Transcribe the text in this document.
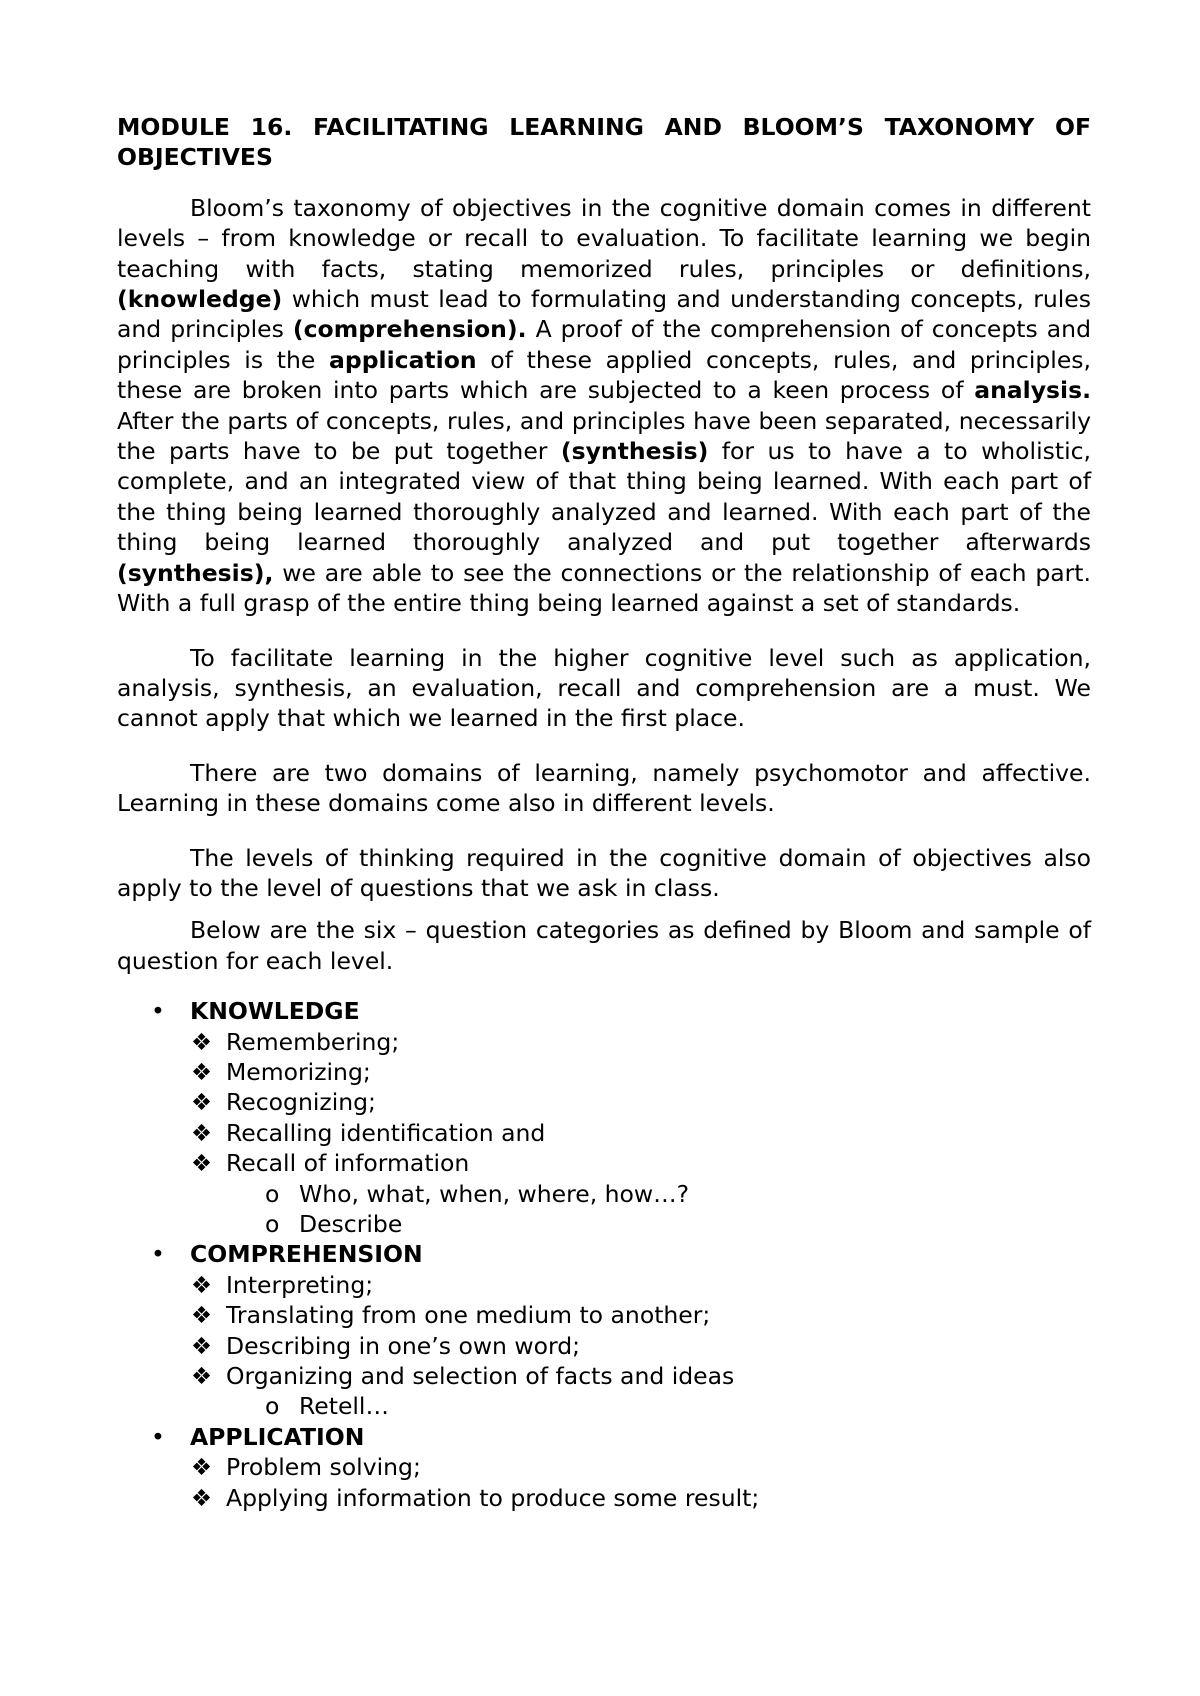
MODULE 16. FACILITATING LEARNING AND BLOOM’S TAXONOMY OF OBJECTIVES

Bloom’s taxonomy of objectives in the cognitive domain comes in different levels – from knowledge or recall to evaluation. To facilitate learning we begin teaching with facts, stating memorized rules, principles or definitions, (knowledge) which must lead to formulating and understanding concepts, rules and principles (comprehension). A proof of the comprehension of concepts and principles is the application of these applied concepts, rules, and principles, these are broken into parts which are subjected to a keen process of analysis. After the parts of concepts, rules, and principles have been separated, necessarily the parts have to be put together (synthesis) for us to have a to wholistic, complete, and an integrated view of that thing being learned. With each part of the thing being learned thoroughly analyzed and learned. With each part of the thing being learned thoroughly analyzed and put together afterwards (synthesis), we are able to see the connections or the relationship of each part. With a full grasp of the entire thing being learned against a set of standards.

To facilitate learning in the higher cognitive level such as application, analysis, synthesis, an evaluation, recall and comprehension are a must. We cannot apply that which we learned in the first place.

There are two domains of learning, namely psychomotor and affective. Learning in these domains come also in different levels.

The levels of thinking required in the cognitive domain of objectives also apply to the level of questions that we ask in class.

Below are the six – question categories as defined by Bloom and sample of question for each level.

• KNOWLEDGE
❖ Remembering;
❖ Memorizing;
❖ Recognizing;
❖ Recalling identification and
❖ Recall of information
o Who, what, when, where, how…?
o Describe
• COMPREHENSION
❖ Interpreting;
❖ Translating from one medium to another;
❖ Describing in one’s own word;
❖ Organizing and selection of facts and ideas
o Retell…
• APPLICATION
❖ Problem solving;
❖ Applying information to produce some result;
